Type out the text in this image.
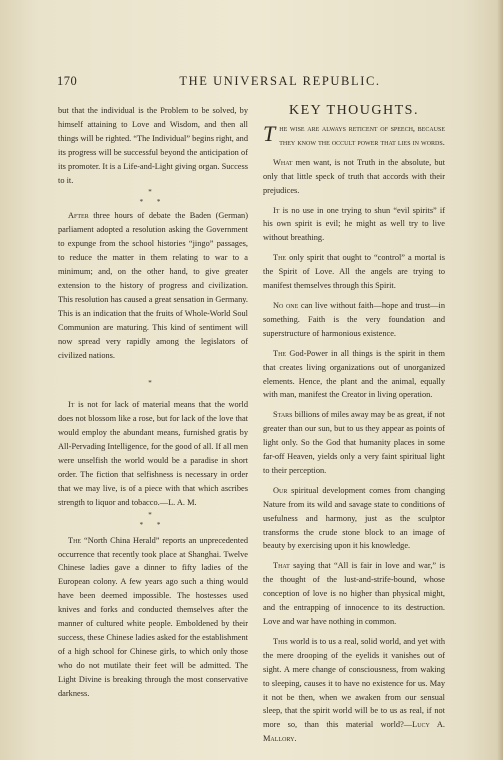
170	THE UNIVERSAL REPUBLIC.

but that the individual is the Problem to be solved, by himself attaining to Love and Wisdom, and then all things will be righted. “The Individual” begins right, and its progress will be successful beyond the anticipation of its promoter. It is a Life-and-Light giving organ. Success to it.

*
* *

After three hours of debate the Baden (German) parliament adopted a resolution asking the Government to expunge from the school histories “jingo” passages, to reduce the matter in them relating to war to a minimum; and, on the other hand, to give greater extension to the history of progress and civilization. This resolution has caused a great sensation in Germany. This is an indication that the fruits of Whole-World Soul Communion are maturing. This kind of sentiment will now spread very rapidly among the legislators of civilized nations.

*

It is not for lack of material means that the world does not blossom like a rose, but for lack of the love that would employ the abundant means, furnished gratis by All-Pervading Intelligence, for the good of all. If all men were unselfish the world would be a paradise in short order. The fiction that selfishness is necessary in order that we may live, is of a piece with that which ascribes strength to liquor and tobacco.—L. A. M.

*
* *

The “North China Herald” reports an unprecedented occurrence that recently took place at Shanghai. Twelve Chinese ladies gave a dinner to fifty ladies of the European colony. A few years ago such a thing would have been deemed impossible. The hostesses used knives and forks and conducted themselves after the manner of cultured white people. Emboldened by their success, these Chinese ladies asked for the establishment of a high school for Chinese girls, to which only those who do not mutilate their feet will be admitted. The Light Divine is breaking through the most conservative darkness.

KEY THOUGHTS.

The wise are always reticent of speech, because they know the occult power that lies in words.

What men want, is not Truth in the absolute, but only that little speck of truth that accords with their prejudices.

It is no use in one trying to shun “evil spirits” if his own spirit is evil; he might as well try to live without breathing.

The only spirit that ought to “control” a mortal is the Spirit of Love. All the angels are trying to manifest themselves through this Spirit.

No one can live without faith—hope and trust—in something. Faith is the very foundation and superstructure of harmonious existence.

The God-Power in all things is the spirit in them that creates living organizations out of unorganized elements. Hence, the plant and the animal, equally with man, manifest the Creator in living operation.

Stars billions of miles away may be as great, if not greater than our sun, but to us they appear as points of light only. So the God that humanity places in some far-off Heaven, yields only a very faint spiritual light to their perception.

Our spiritual development comes from changing Nature from its wild and savage state to conditions of usefulness and harmony, just as the sculptor transforms the crude stone block to an image of beauty by exercising upon it his knowledge.

That saying that “All is fair in love and war,” is the thought of the lust-and-strife-bound, whose conception of love is no higher than physical might, and the entrapping of innocence to its destruction. Love and war have nothing in common.

This world is to us a real, solid world, and yet with the mere drooping of the eyelids it vanishes out of sight. A mere change of consciousness, from waking to sleeping, causes it to have no existence for us. May it not be then, when we awaken from our sensual sleep, that the spirit world will be to us as real, if not more so, than this material world?—Lucy A. Mallory.
